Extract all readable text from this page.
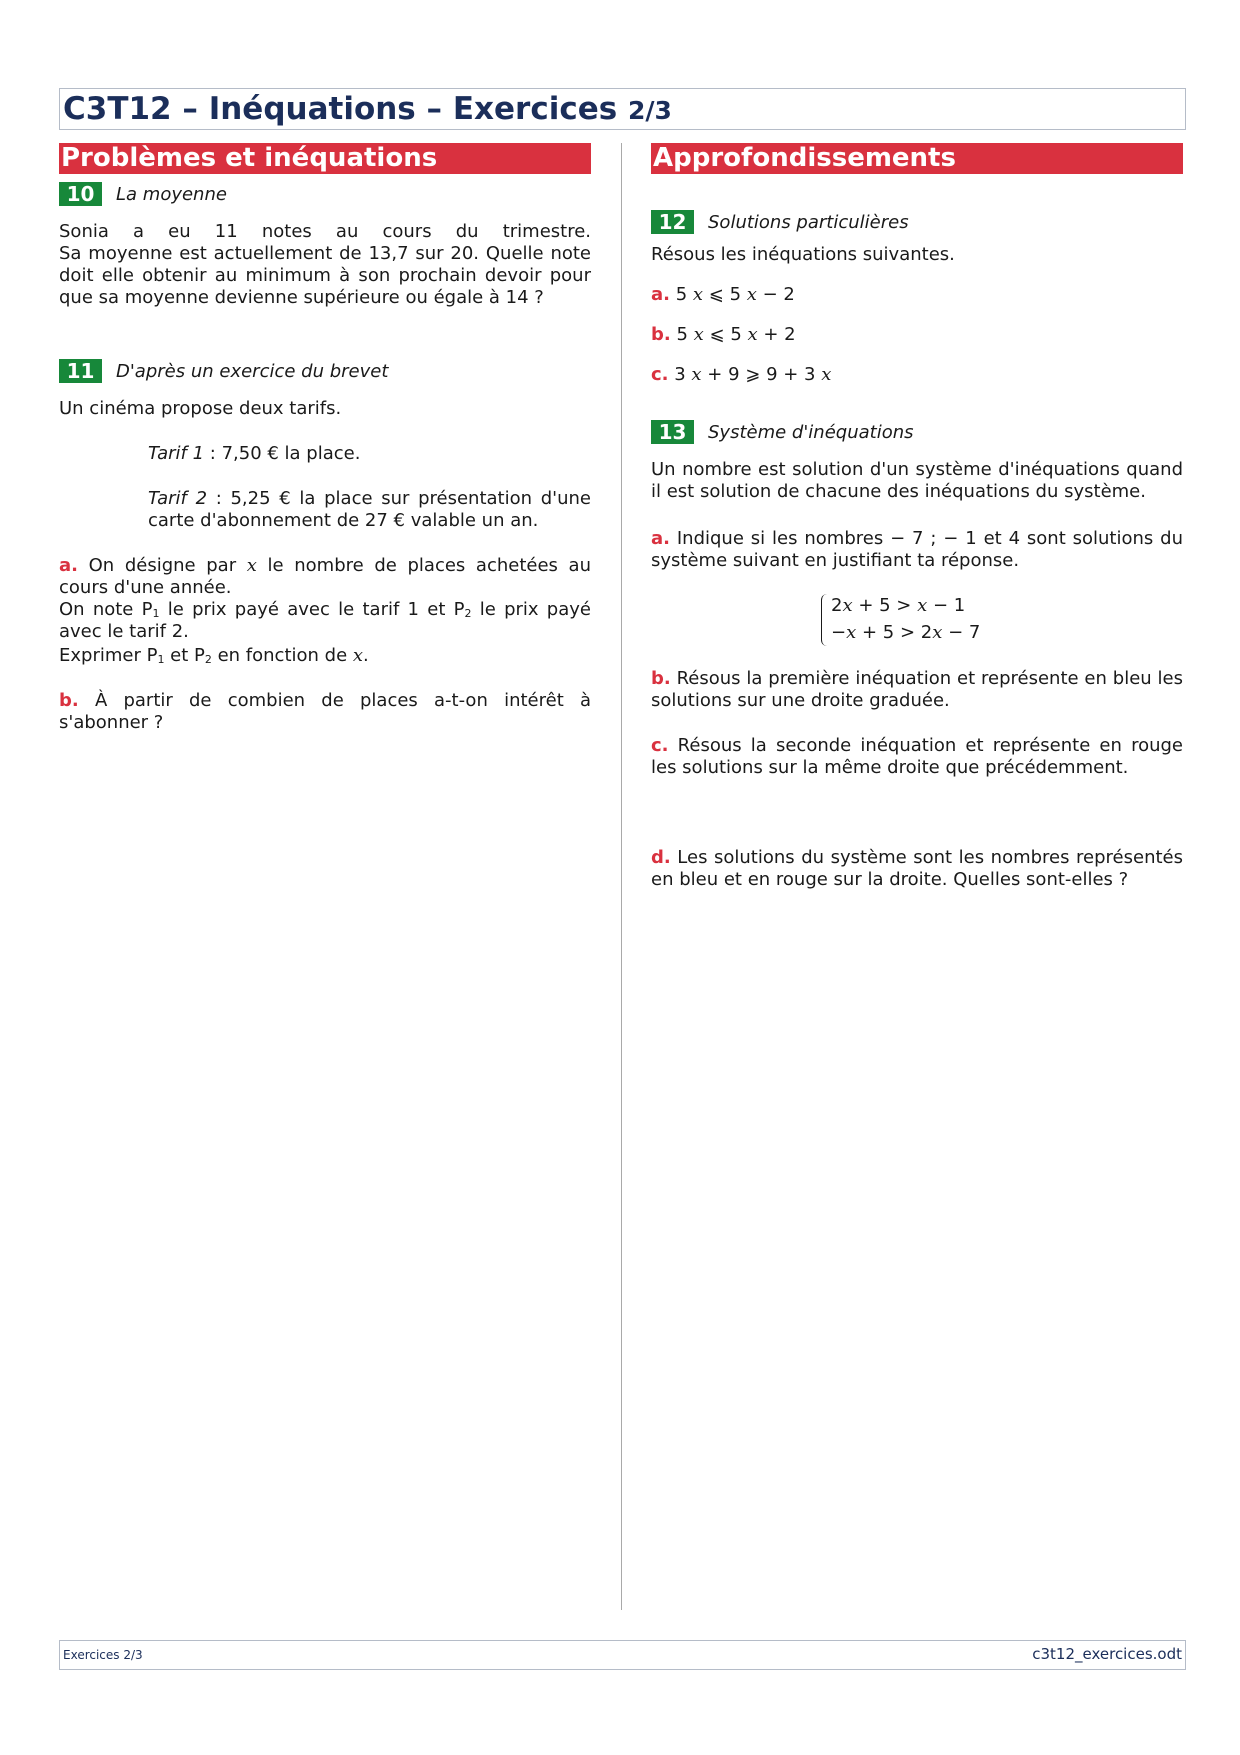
C3T12 – Inéquations – Exercices 2/3
Problèmes et inéquations
10	La moyenne

Sonia a eu 11 notes au cours du trimestre.

Sa moyenne est actuellement de 13,7 sur 20. Quelle note doit elle obtenir au minimum à son prochain devoir pour que sa moyenne devienne supérieure ou égale à 14 ?

11	D'après un exercice du brevet

Un cinéma propose deux tarifs.

Tarif 1 : 7,50 € la place.

Tarif 2 : 5,25 € la place sur présentation d'une carte d'abonnement de 27 € valable un an.

a. On désigne par x le nombre de places achetées au cours d'une année.

On note $P_1$ le prix payé avec le tarif 1 et $P_2$ le prix payé avec le tarif 2.

Exprimer $P_1$ et $P_2$ en fonction de x.

b. À partir de combien de places a-t-on intérêt à s'abonner ?

Approfondissements
12	Solutions particulières

Résous les inéquations suivantes.

a. 5 x ⩽ 5 x − 2

b. 5 x ⩽ 5 x + 2

c. 3 x + 9 ⩾ 9 + 3 x

13	Système d'inéquations

Un nombre est solution d'un système d'inéquations quand il est solution de chacune des inéquations du système.

a. Indique si les nombres − 7 ; − 1 et 4 sont solutions du système suivant en justifiant ta réponse.

2x + 5 > x − 1
−x + 5 > 2x − 7

b. Résous la première inéquation et représente en bleu les solutions sur une droite graduée.

c. Résous la seconde inéquation et représente en rouge les solutions sur la même droite que précédemment.

d. Les solutions du système sont les nombres représentés en bleu et en rouge sur la droite. Quelles sont-elles ?

Exercices 2/3	c3t12_exercices.odt
